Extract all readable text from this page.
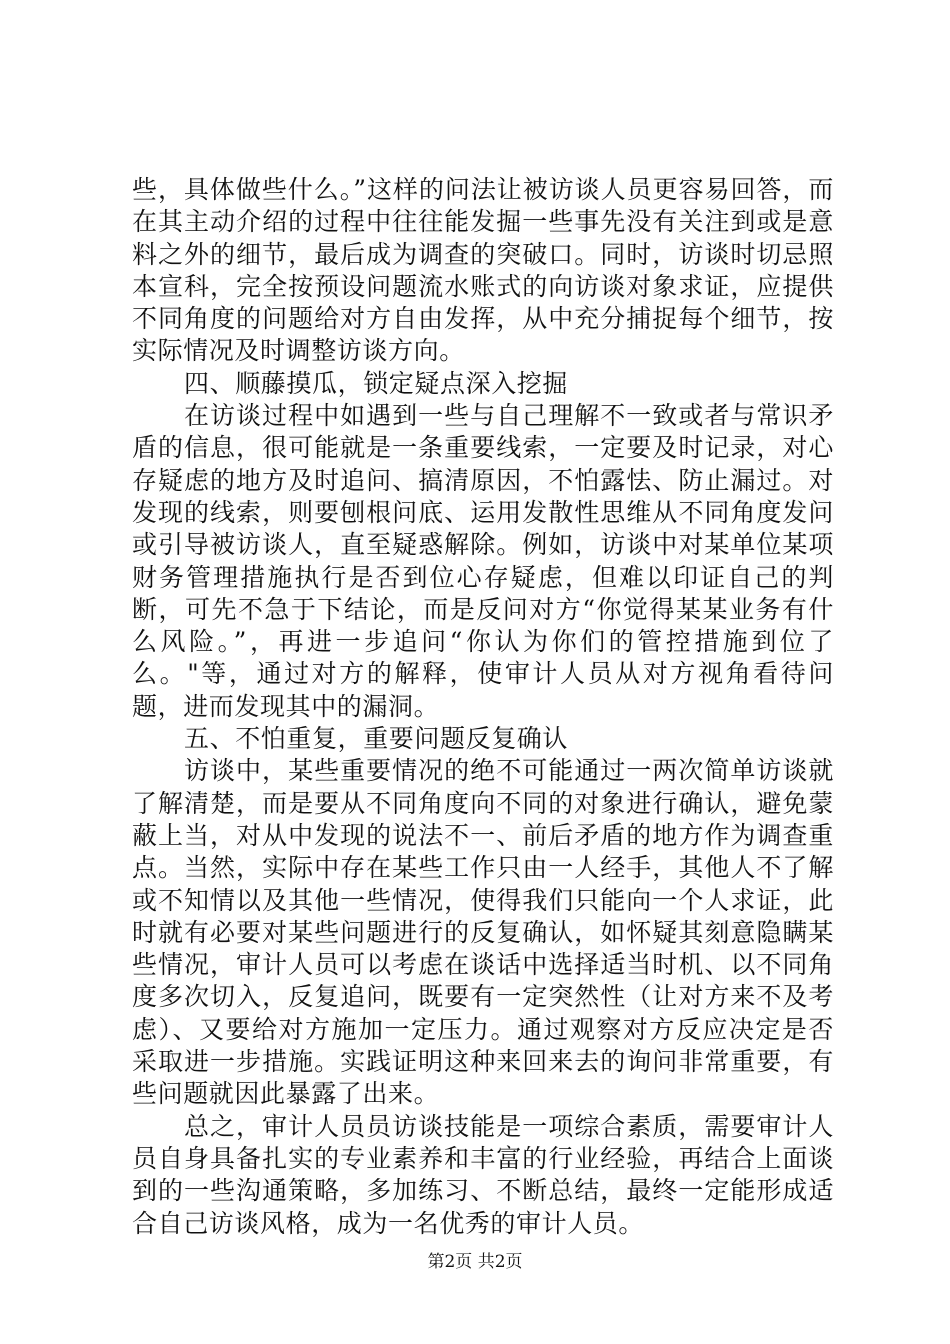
些，具体做些什么。”这样的问法让被访谈人员更容易回答，而在其主动介绍的过程中往往能发掘一些事先没有关注到或是意料之外的细节，最后成为调查的突破口。同时，访谈时切忌照本宣科，完全按预设问题流水账式的向访谈对象求证，应提供不同角度的问题给对方自由发挥，从中充分捕捉每个细节，按实际情况及时调整访谈方向。

四、顺藤摸瓜，锁定疑点深入挖掘

在访谈过程中如遇到一些与自己理解不一致或者与常识矛盾的信息，很可能就是一条重要线索，一定要及时记录，对心存疑虑的地方及时追问、搞清原因，不怕露怯、防止漏过。对发现的线索，则要刨根问底、运用发散性思维从不同角度发问或引导被访谈人，直至疑惑解除。例如，访谈中对某单位某项财务管理措施执行是否到位心存疑虑，但难以印证自己的判断，可先不急于下结论，而是反问对方“你觉得某某业务有什么风险。”，再进一步追问“你认为你们的管控措施到位了么。"等，通过对方的解释，使审计人员从对方视角看待问题，进而发现其中的漏洞。

五、不怕重复，重要问题反复确认

访谈中，某些重要情况的绝不可能通过一两次简单访谈就了解清楚，而是要从不同角度向不同的对象进行确认，避免蒙蔽上当，对从中发现的说法不一、前后矛盾的地方作为调查重点。当然，实际中存在某些工作只由一人经手，其他人不了解或不知情以及其他一些情况，使得我们只能向一个人求证，此时就有必要对某些问题进行的反复确认，如怀疑其刻意隐瞒某些情况，审计人员可以考虑在谈话中选择适当时机、以不同角度多次切入，反复追问，既要有一定突然性（让对方来不及考虑）、又要给对方施加一定压力。通过观察对方反应决定是否采取进一步措施。实践证明这种来回来去的询问非常重要，有些问题就因此暴露了出来。

总之，审计人员员访谈技能是一项综合素质，需要审计人员自身具备扎实的专业素养和丰富的行业经验，再结合上面谈到的一些沟通策略，多加练习、不断总结，最终一定能形成适合自己访谈风格，成为一名优秀的审计人员。

第2页 共2页
